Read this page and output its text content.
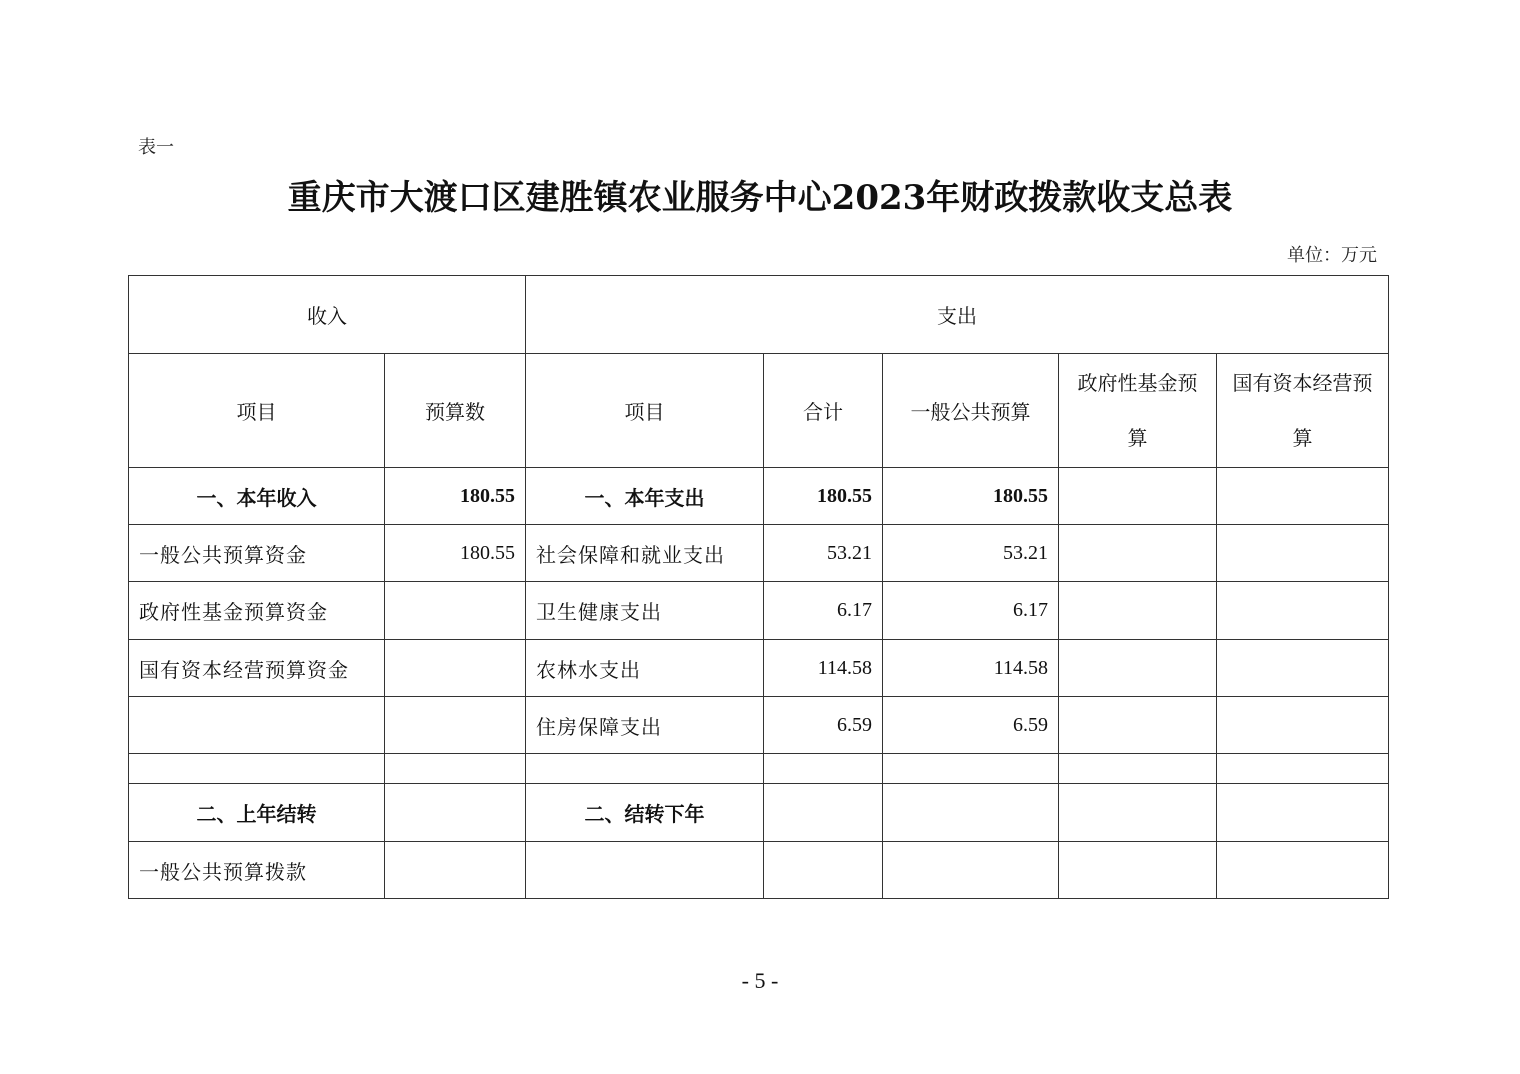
表一
重庆市大渡口区建胜镇农业服务中心2023年财政拨款收支总表
单位：万元
收入		支出				
项目	预算数	项目	合计	一般公共预算	政府性基金预算	国有资本经营预算
一、本年收入	180.55	一、本年支出	180.55	180.55		
一般公共预算资金	180.55	社会保障和就业支出	53.21	53.21		
政府性基金预算资金		卫生健康支出	6.17	6.17		
国有资本经营预算资金		农林水支出	114.58	114.58		
		住房保障支出	6.59	6.59		

二、上年结转		二、结转下年				
一般公共预算拨款						
- 5 -
